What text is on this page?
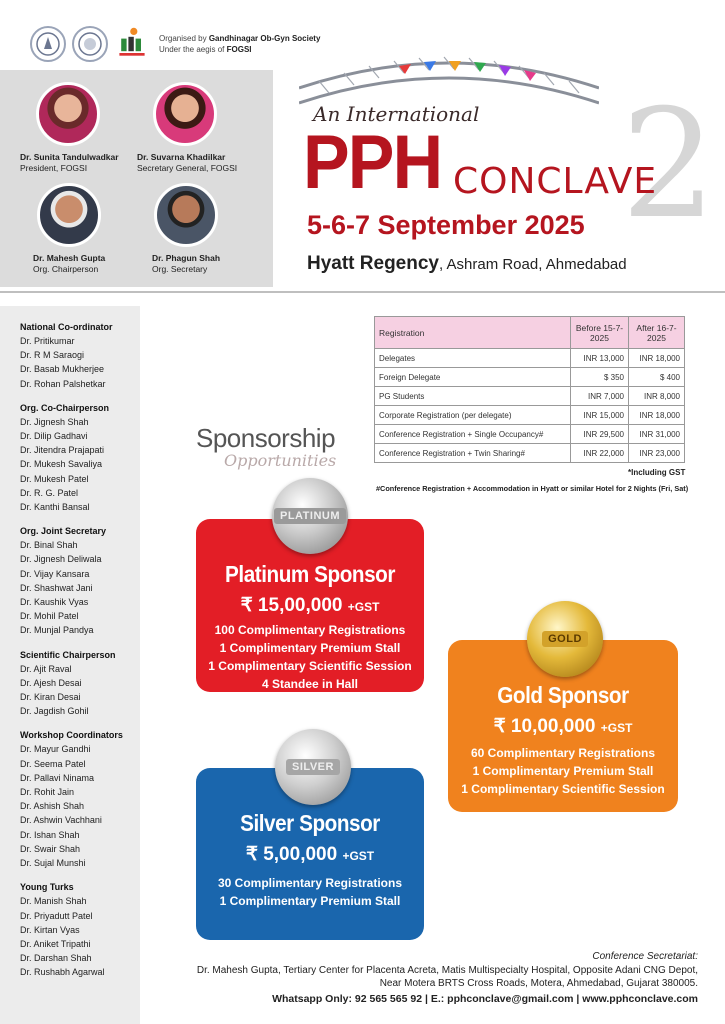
Organised by Gandhinagar Ob-Gyn Society
Under the aegis of FOGSI
Dr. Sunita Tandulwadkar
President, FOGSI
Dr. Suvarna Khadilkar
Secretary General, FOGSI
Dr. Mahesh Gupta
Org. Chairperson
Dr. Phagun Shah
Org. Secretary
2
An International
PPH CONCLAVE
5-6-7 September 2025
Hyatt Regency, Ashram Road, Ahmedabad
National Co-ordinator
Dr. Pritikumar
Dr. R M Saraogi
Dr. Basab Mukherjee
Dr. Rohan Palshetkar
Org. Co-Chairperson
Dr. Jignesh Shah
Dr. Dilip Gadhavi
Dr. Jitendra Prajapati
Dr. Mukesh Savaliya
Dr. Mukesh Patel
Dr. R. G. Patel
Dr. Kanthi Bansal
Org. Joint Secretary
Dr. Binal Shah
Dr. Jignesh Deliwala
Dr. Vijay Kansara
Dr. Shashwat Jani
Dr. Kaushik Vyas
Dr. Mohil Patel
Dr. Munjal Pandya
Scientific Chairperson
Dr. Ajit Raval
Dr. Ajesh Desai
Dr. Kiran Desai
Dr. Jagdish Gohil
Workshop Coordinators
Dr. Mayur Gandhi
Dr. Seema Patel
Dr. Pallavi Ninama
Dr. Rohit Jain
Dr. Ashish Shah
Dr. Ashwin Vachhani
Dr. Ishan Shah
Dr. Swair Shah
Dr. Sujal Munshi
Young Turks
Dr. Manish Shah
Dr. Priyadutt Patel
Dr. Kirtan Vyas
Dr. Aniket Tripathi
Dr. Darshan Shah
Dr. Rushabh Agarwal
Registration	Before 15-7-2025	After 16-7-2025
Delegates	INR 13,000	INR 18,000
Foreign Delegate	$ 350	$ 400
PG Students	INR 7,000	INR 8,000
Corporate Registration (per delegate)	INR 15,000	INR 18,000
Conference Registration + Single Occupancy#	INR 29,500	INR 31,000
Conference Registration + Twin Sharing#	INR 22,000	INR 23,000
*Including GST
#Conference Registration + Accommodation in Hyatt or similar Hotel for 2 Nights (Fri, Sat)
Sponsorship
Opportunities
Platinum Sponsor
₹ 15,00,000 +GST
100 Complimentary Registrations
1 Complimentary Premium Stall
1 Complimentary Scientific Session
4 Standee in Hall
PLATINUM
Gold Sponsor
₹ 10,00,000 +GST
60 Complimentary Registrations
1 Complimentary Premium Stall
1 Complimentary Scientific Session
GOLD
Silver Sponsor
₹ 5,00,000 +GST
30 Complimentary Registrations
1 Complimentary Premium Stall
SILVER
Conference Secretariat:
Dr. Mahesh Gupta, Tertiary Center for Placenta Acreta, Matis Multispecialty Hospital, Opposite Adani CNG Depot,
Near Motera BRTS Cross Roads, Motera, Ahmedabad, Gujarat 380005.
Whatsapp Only: 92 565 565 92 | E.: pphconclave@gmail.com | www.pphconclave.com
